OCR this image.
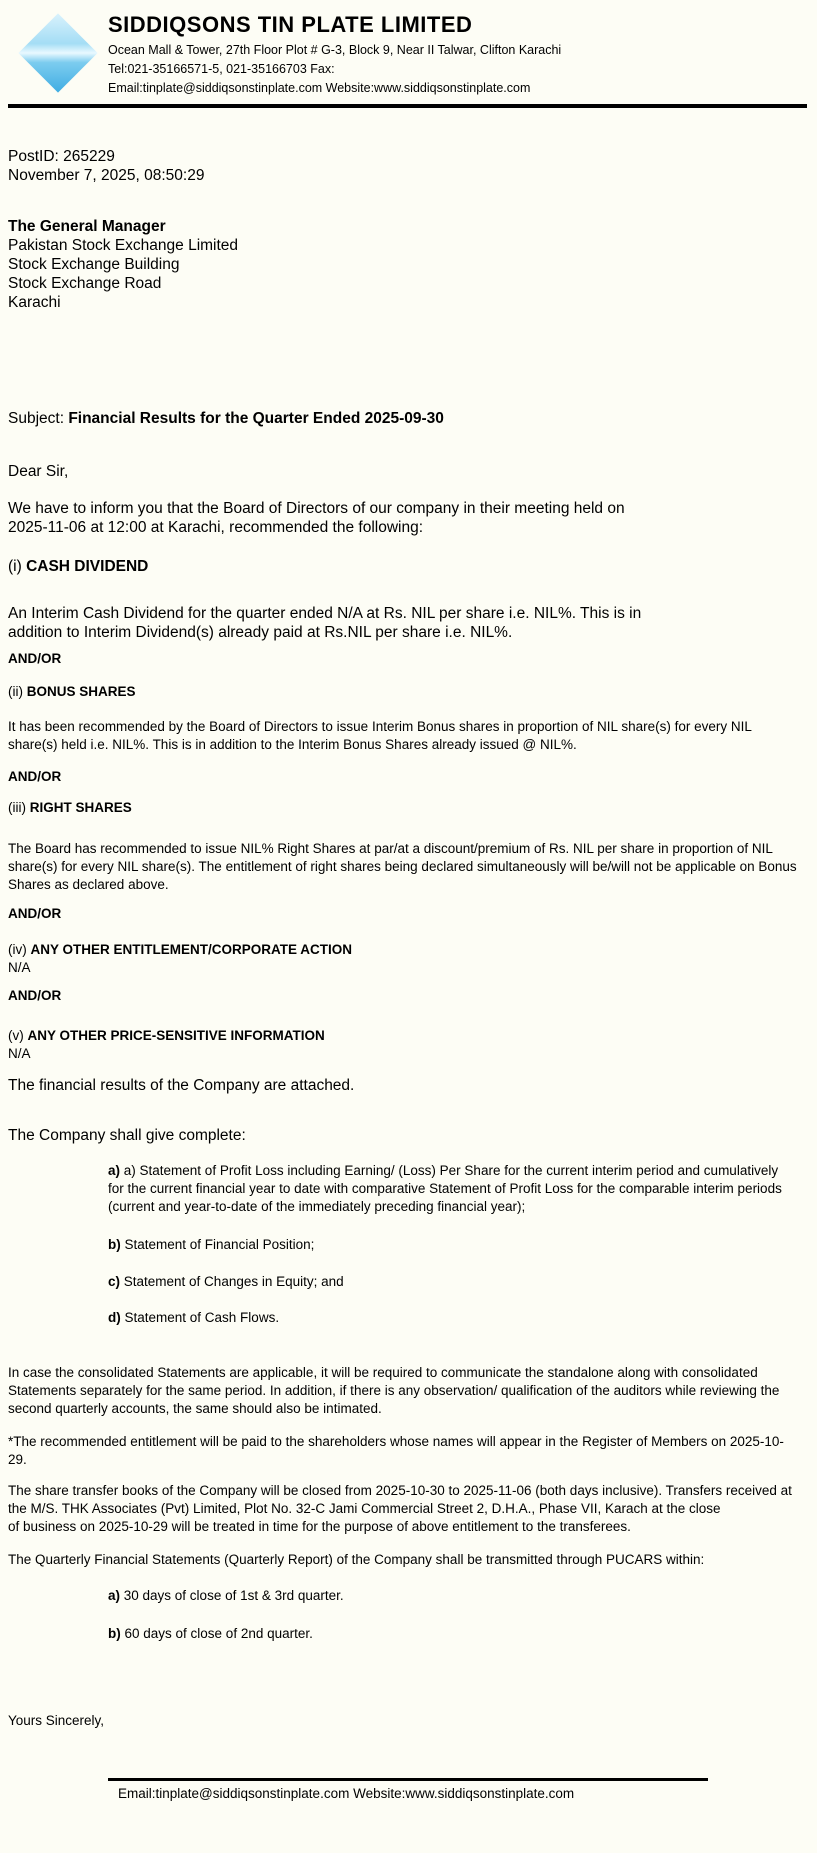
SIDDIQSONS TIN PLATE LIMITED
Ocean Mall & Tower, 27th Floor Plot # G-3, Block 9, Near II Talwar, Clifton Karachi
Tel:021-35166571-5, 021-35166703 Fax:
Email:tinplate@siddiqsonstinplate.com Website:www.siddiqsonstinplate.com
PostID: 265229
November 7, 2025, 08:50:29
The General Manager
Pakistan Stock Exchange Limited
Stock Exchange Building
Stock Exchange Road
Karachi
Subject: Financial Results for the Quarter Ended 2025-09-30
Dear Sir,
We have to inform you that the Board of Directors of our company in their meeting held on 2025-11-06 at 12:00 at Karachi, recommended the following:
(i) CASH DIVIDEND
An Interim Cash Dividend for the quarter ended N/A at Rs. NIL per share i.e. NIL%. This is in addition to Interim Dividend(s) already paid at Rs.NIL per share i.e. NIL%.
AND/OR
(ii) BONUS SHARES
It has been recommended by the Board of Directors to issue Interim Bonus shares in proportion of NIL share(s) for every NIL share(s) held i.e. NIL%. This is in addition to the Interim Bonus Shares already issued @ NIL%.
AND/OR
(iii) RIGHT SHARES
The Board has recommended to issue NIL% Right Shares at par/at a discount/premium of Rs. NIL per share in proportion of NIL share(s) for every NIL share(s). The entitlement of right shares being declared simultaneously will be/will not be applicable on Bonus Shares as declared above.
AND/OR
(iv) ANY OTHER ENTITLEMENT/CORPORATE ACTION
N/A
AND/OR
(v) ANY OTHER PRICE-SENSITIVE INFORMATION
N/A
The financial results of the Company are attached.
The Company shall give complete:
a) a) Statement of Profit Loss including Earning/ (Loss) Per Share for the current interim period and cumulatively for the current financial year to date with comparative Statement of Profit Loss for the comparable interim periods (current and year-to-date of the immediately preceding financial year);
b) Statement of Financial Position;
c) Statement of Changes in Equity; and
d) Statement of Cash Flows.
In case the consolidated Statements are applicable, it will be required to communicate the standalone along with consolidated Statements separately for the same period. In addition, if there is any observation/ qualification of the auditors while reviewing the second quarterly accounts, the same should also be intimated.
*The recommended entitlement will be paid to the shareholders whose names will appear in the Register of Members on 2025-10-29.
The share transfer books of the Company will be closed from 2025-10-30 to 2025-11-06 (both days inclusive). Transfers received at the M/S. THK Associates (Pvt) Limited, Plot No. 32-C Jami Commercial Street 2, D.H.A., Phase VII, Karach at the close
of business on 2025-10-29 will be treated in time for the purpose of above entitlement to the transferees.
The Quarterly Financial Statements (Quarterly Report) of the Company shall be transmitted through PUCARS within:
a) 30 days of close of 1st & 3rd quarter.
b) 60 days of close of 2nd quarter.
Yours Sincerely,
Email:tinplate@siddiqsonstinplate.com Website:www.siddiqsonstinplate.com
